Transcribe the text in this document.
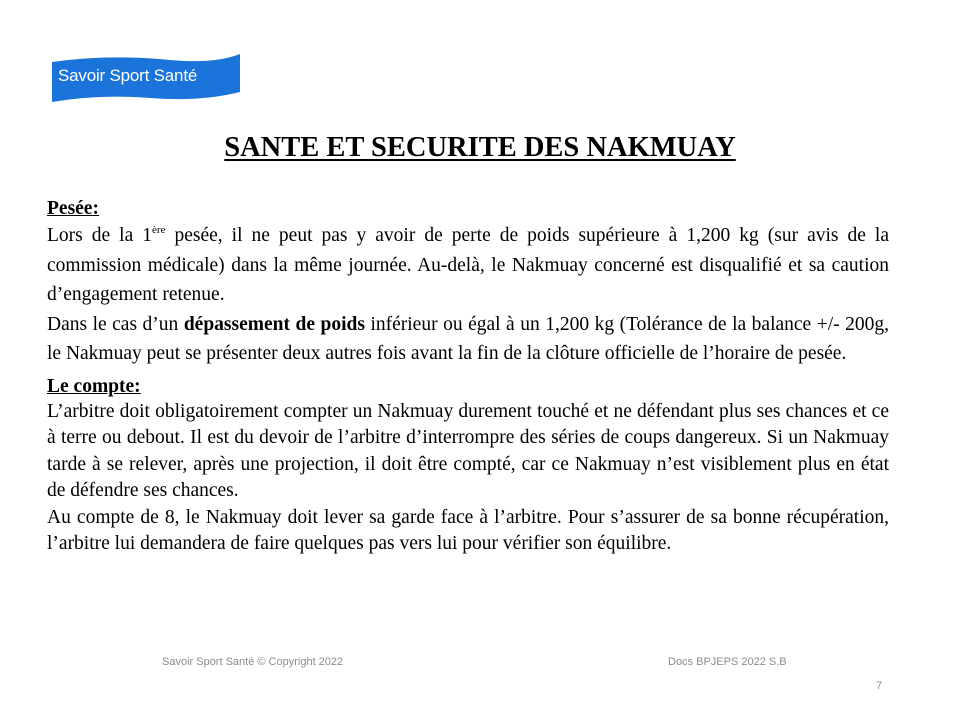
Savoir Sport Santé
SANTE ET SECURITE DES NAKMUAY
Pesée:

Lors de la 1ère pesée, il ne peut pas y avoir de perte de poids supérieure à 1,200 kg (sur avis de la commission médicale) dans la même journée. Au-delà, le Nakmuay concerné est disqualifié et sa caution d’engagement retenue.

Dans le cas d’un dépassement de poids inférieur ou égal à un 1,200 kg (Tolérance de la balance +/- 200g, le Nakmuay peut se présenter deux autres fois avant la fin de la clôture officielle de l’horaire de pesée.

Le compte:

L’arbitre doit obligatoirement compter un Nakmuay durement touché et ne défendant plus ses chances et ce à terre ou debout. Il est du devoir de l’arbitre d’interrompre des séries de coups dangereux. Si un Nakmuay tarde à se relever, après une projection, il doit être compté, car ce Nakmuay n’est visiblement plus en état de défendre ses chances.

Au compte de 8, le Nakmuay doit lever sa garde face à l’arbitre. Pour s’assurer de sa bonne récupération, l’arbitre lui demandera de faire quelques pas vers lui pour vérifier son équilibre.

Savoir Sport Santé © Copyright 2022	Docs BPJEPS 2022 S.B
7
